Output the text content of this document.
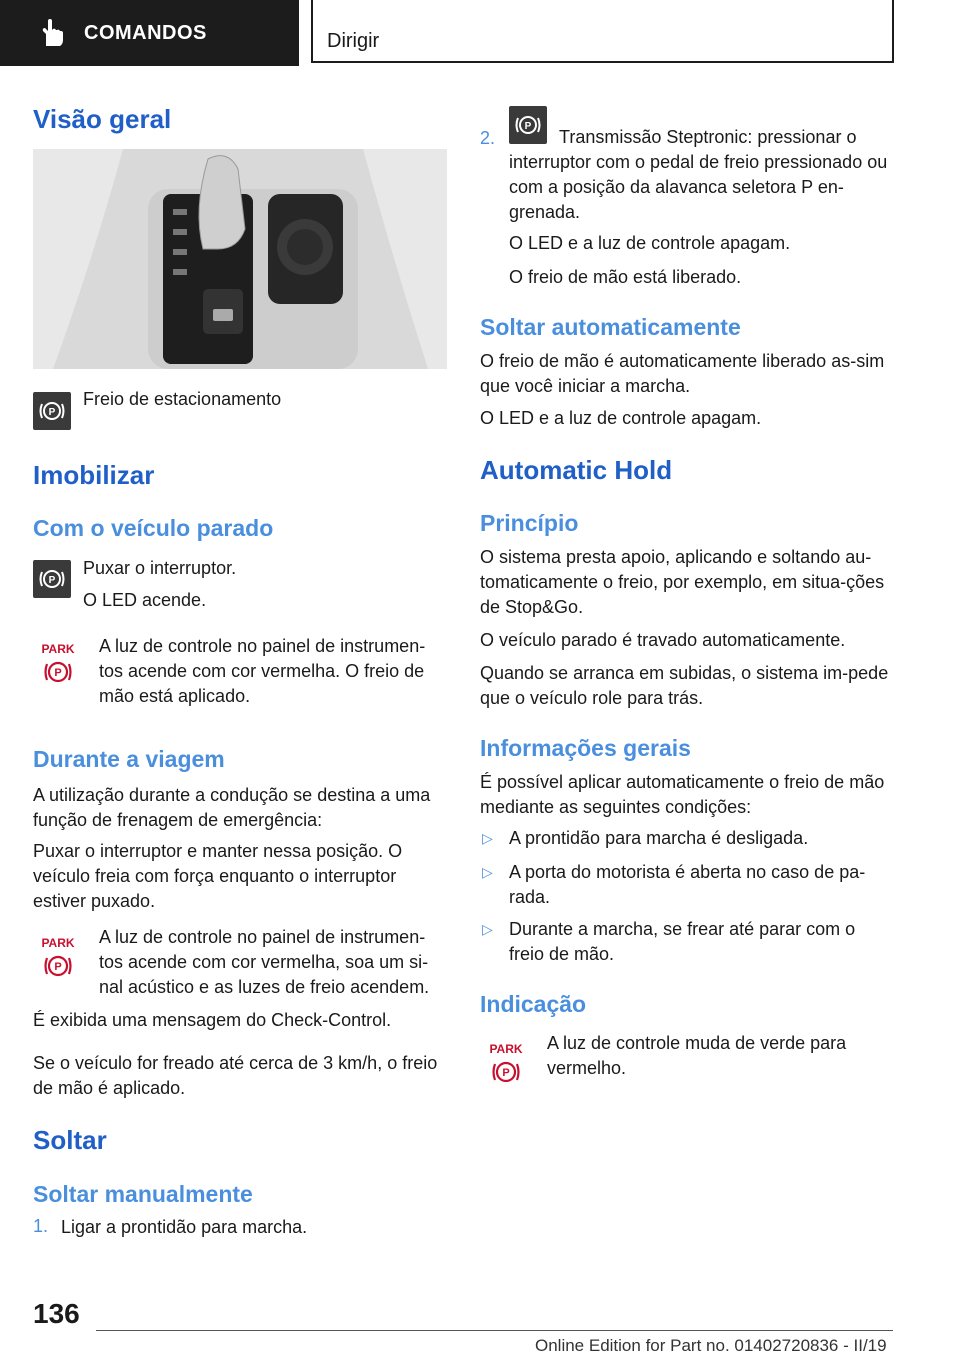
COMANDOS	Dirigir
Visão geral
P

Freio de estacionamento

Imobilizar
Com o veículo parado
P

Puxar o interruptor.

O LED acende.

PARK
P

A luz de controle no painel de instrumen-tos acende com cor vermelha. O freio de mão está aplicado.

Durante a viagem

A utilização durante a condução se destina a uma função de frenagem de emergência:

Puxar o interruptor e manter nessa posição. O veículo freia com força enquanto o interruptor estiver puxado.

PARK
P

A luz de controle no painel de instrumen-tos acende com cor vermelha, soa um si-nal acústico e as luzes de freio acendem.

É exibida uma mensagem do Check-Control.

Se o veículo for freado até cerca de 3 km/h, o freio de mão é aplicado.

Soltar
Soltar manualmente
1. Ligar a prontidão para marcha.

2.
P

Transmissão Steptronic: pressionar o interruptor com o pedal de freio pressionado ou com a posição da alavanca seletora P en-grenada.

O LED e a luz de controle apagam.

O freio de mão está liberado.

Soltar automaticamente

O freio de mão é automaticamente liberado as-sim que você iniciar a marcha.

O LED e a luz de controle apagam.

Automatic Hold
Princípio

O sistema presta apoio, aplicando e soltando au-tomaticamente o freio, por exemplo, em situa-ções de Stop&Go.

O veículo parado é travado automaticamente.

Quando se arranca em subidas, o sistema im-pede que o veículo role para trás.

Informações gerais

É possível aplicar automaticamente o freio de mão mediante as seguintes condições:

▷ A prontidão para marcha é desligada.

▷ A porta do motorista é aberta no caso de pa-rada.

▷ Durante a marcha, se frear até parar com o freio de mão.

Indicação
PARK
P

A luz de controle muda de verde para vermelho.

136
Online Edition for Part no. 01402720836 - II/19
